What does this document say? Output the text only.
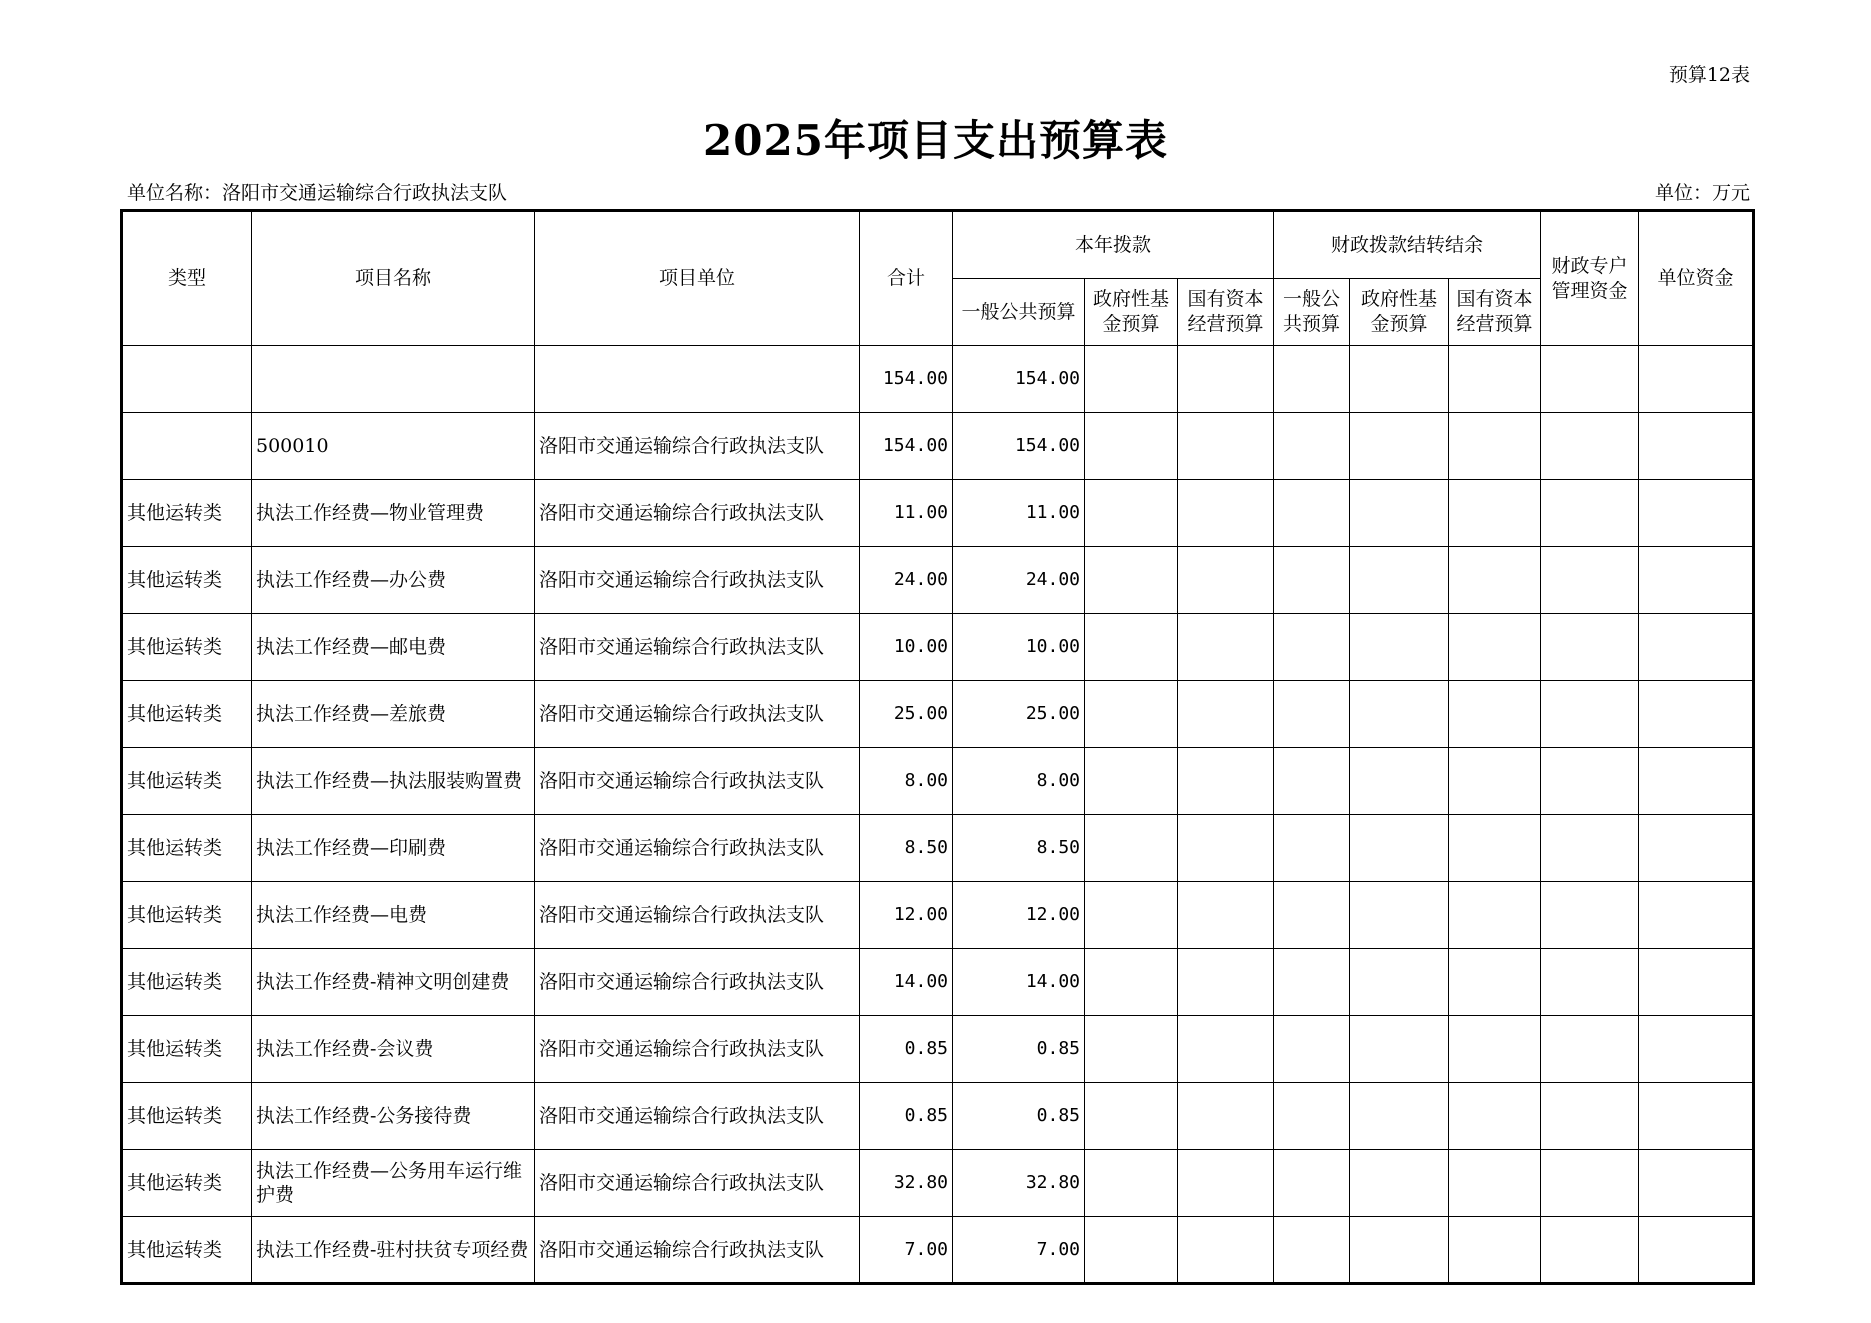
预算12表
2025年项目支出预算表
单位名称：洛阳市交通运输综合行政执法支队	单位：万元
类型	项目名称	项目单位	合计	本年拨款			财政拨款结转结余			财政专户管理资金	单位资金
				一般公共预算	政府性基金预算	国有资本经营预算	一般公共预算	政府性基金预算	国有资本经营预算		
			154.00	154.00							
	500010	洛阳市交通运输综合行政执法支队	154.00	154.00							
其他运转类	执法工作经费—物业管理费	洛阳市交通运输综合行政执法支队	11.00	11.00							
其他运转类	执法工作经费—办公费	洛阳市交通运输综合行政执法支队	24.00	24.00							
其他运转类	执法工作经费—邮电费	洛阳市交通运输综合行政执法支队	10.00	10.00							
其他运转类	执法工作经费—差旅费	洛阳市交通运输综合行政执法支队	25.00	25.00							
其他运转类	执法工作经费—执法服装购置费	洛阳市交通运输综合行政执法支队	8.00	8.00							
其他运转类	执法工作经费—印刷费	洛阳市交通运输综合行政执法支队	8.50	8.50							
其他运转类	执法工作经费—电费	洛阳市交通运输综合行政执法支队	12.00	12.00							
其他运转类	执法工作经费-精神文明创建费	洛阳市交通运输综合行政执法支队	14.00	14.00							
其他运转类	执法工作经费-会议费	洛阳市交通运输综合行政执法支队	0.85	0.85							
其他运转类	执法工作经费-公务接待费	洛阳市交通运输综合行政执法支队	0.85	0.85							
其他运转类	执法工作经费—公务用车运行维护费	洛阳市交通运输综合行政执法支队	32.80	32.80							
其他运转类	执法工作经费-驻村扶贫专项经费	洛阳市交通运输综合行政执法支队	7.00	7.00							
